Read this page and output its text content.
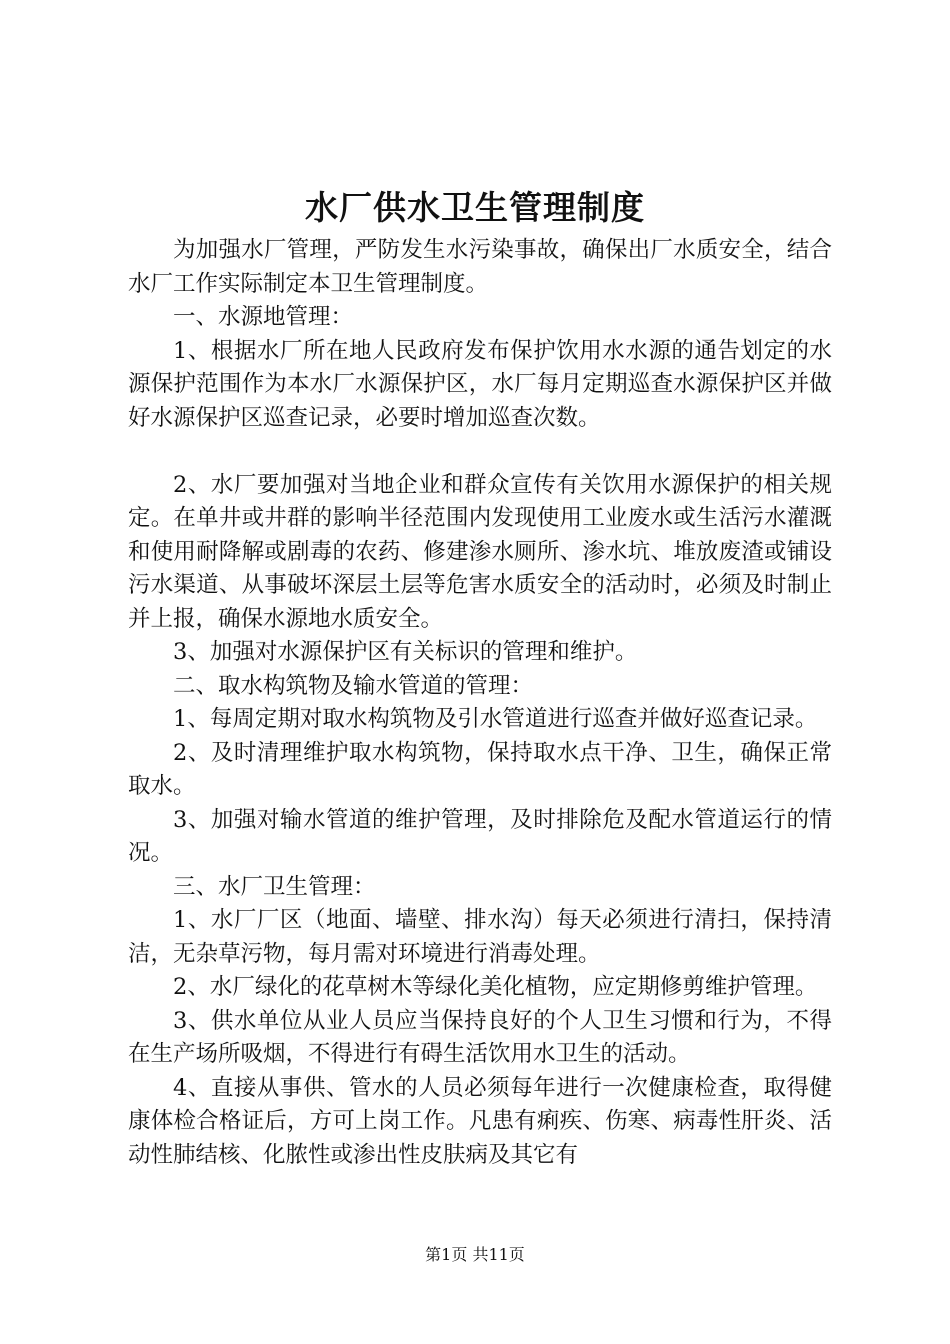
水厂供水卫生管理制度

为加强水厂管理，严防发生水污染事故，确保出厂水质安全，结合水厂工作实际制定本卫生管理制度。

一、水源地管理：

1、根据水厂所在地人民政府发布保护饮用水水源的通告划定的水源保护范围作为本水厂水源保护区，水厂每月定期巡查水源保护区并做好水源保护区巡查记录，必要时增加巡查次数。

2、水厂要加强对当地企业和群众宣传有关饮用水源保护的相关规定。在单井或井群的影响半径范围内发现使用工业废水或生活污水灌溉和使用耐降解或剧毒的农药、修建渗水厕所、渗水坑、堆放废渣或铺设污水渠道、从事破坏深层土层等危害水质安全的活动时，必须及时制止并上报，确保水源地水质安全。

3、加强对水源保护区有关标识的管理和维护。

二、取水构筑物及输水管道的管理：

1、每周定期对取水构筑物及引水管道进行巡查并做好巡查记录。

2、及时清理维护取水构筑物，保持取水点干净、卫生，确保正常取水。

3、加强对输水管道的维护管理，及时排除危及配水管道运行的情况。

三、水厂卫生管理：

1、水厂厂区（地面、墙壁、排水沟）每天必须进行清扫，保持清洁，无杂草污物，每月需对环境进行消毒处理。

2、水厂绿化的花草树木等绿化美化植物，应定期修剪维护管理。

3、供水单位从业人员应当保持良好的个人卫生习惯和行为，不得在生产场所吸烟，不得进行有碍生活饮用水卫生的活动。

4、直接从事供、管水的人员必须每年进行一次健康检查，取得健康体检合格证后，方可上岗工作。凡患有痢疾、伤寒、病毒性肝炎、活动性肺结核、化脓性或渗出性皮肤病及其它有

第1页 共11页
